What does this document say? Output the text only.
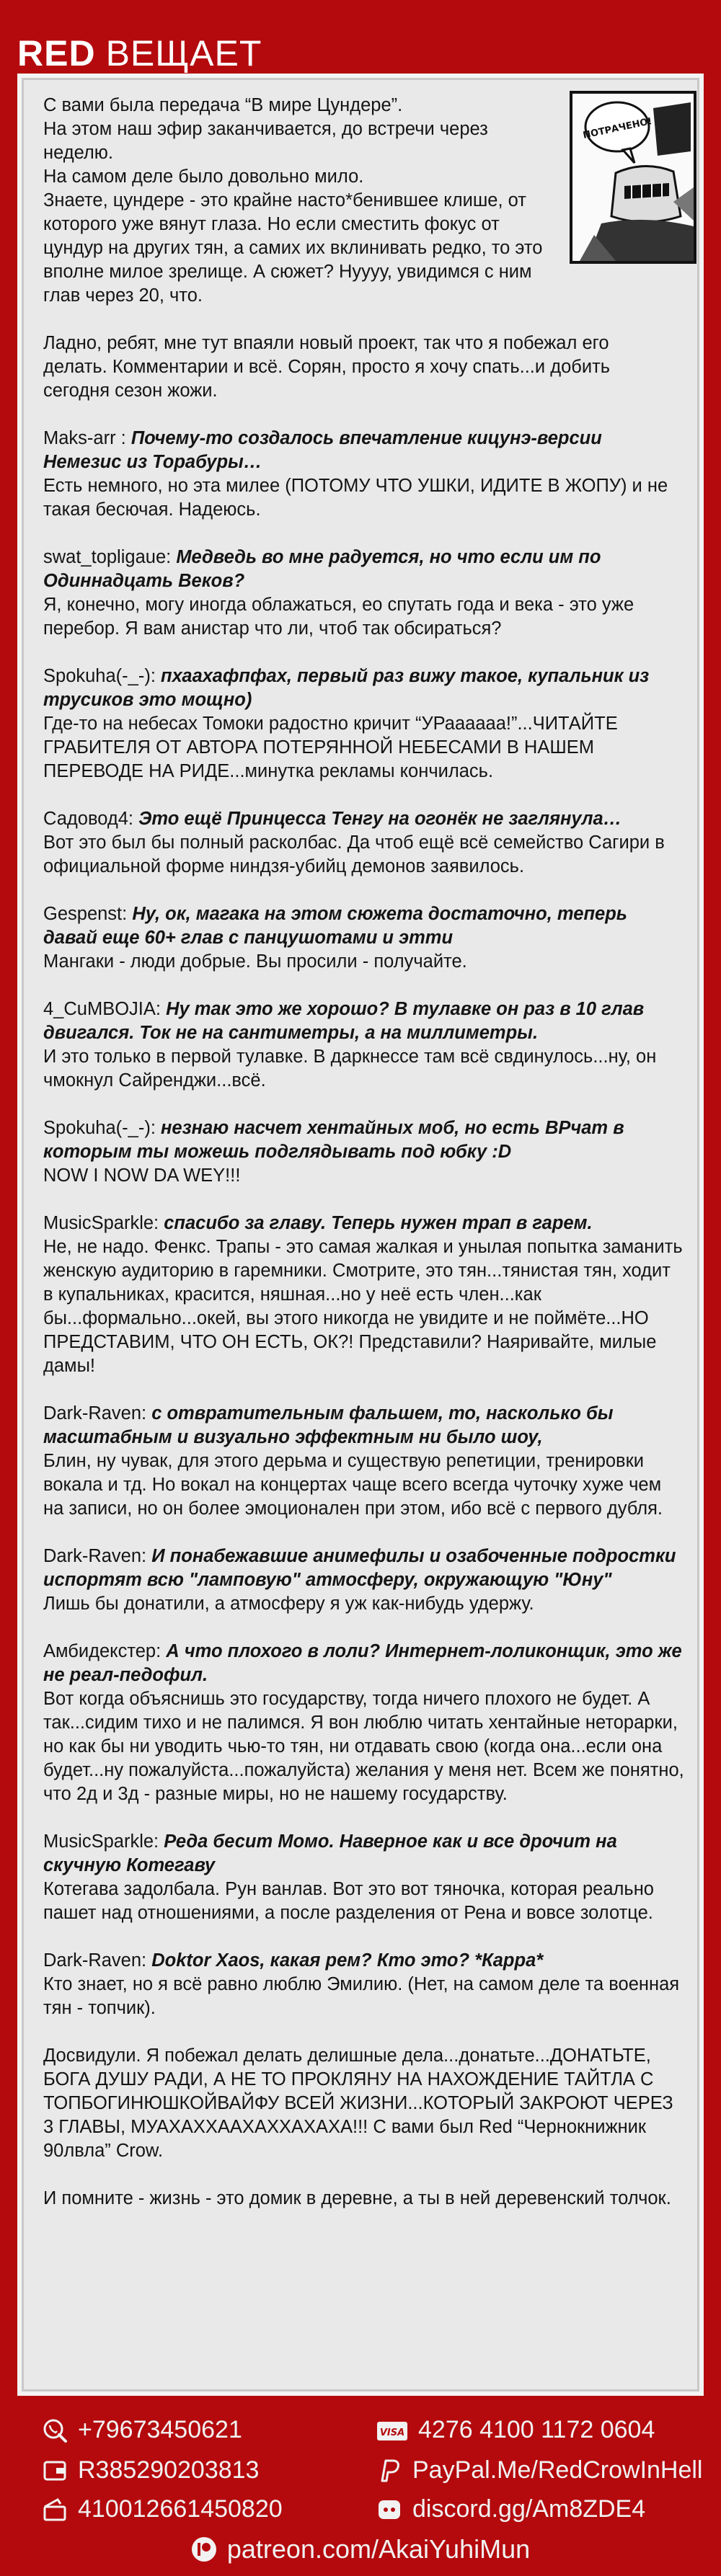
RED ВЕЩАЕТ
ПОТРАЧЕНО!

С вами была передача “В мире Цундере”.

На этом наш эфир заканчивается, до встречи через неделю.

На самом деле было довольно мило.

Знаете, цундере - это крайне насто*бенившее клише, от которого уже вянут глаза. Но если сместить фокус от цундур на других тян, а самих их вклинивать редко, то это вполне милое зрелище. А сюжет? Нуууу, увидимся с ним глав через 20, что.

Ладно, ребят, мне тут впаяли новый проект, так что я побежал его делать. Комментарии и всё. Сорян, просто я хочу спать...и добить сегодня сезон жожи.

Maks-arr : Почему-то создалось впечатление кицунэ-версии Немезис из Торабуры…

Есть немного, но эта милее (ПОТОМУ ЧТО УШКИ, ИДИТЕ В ЖОПУ) и не такая бесючая. Надеюсь.

swat_topligaue: Медведь во мне радуется, но что если им по Одиннадцать Веков?

Я, конечно, могу иногда облажаться, ео спутать года и века - это уже перебор. Я вам анистар что ли, чтоб так обсираться?

Spokuha(-_-): пхаахафпфах, первый раз вижу такое, купальник из трусиков это мощно)

Где-то на небесах Томоки радостно кричит “УРаааааа!”...ЧИТАЙТЕ ГРАБИТЕЛЯ ОТ АВТОРА ПОТЕРЯННОЙ НЕБЕСАМИ В НАШЕМ ПЕРЕВОДЕ НА РИДЕ...минутка рекламы кончилась.

Садовод4: Это ещё Принцесса Тенгу на огонёк не заглянула…

Вот это был бы полный расколбас. Да чтоб ещё всё семейство Сагири в официальной форме ниндзя-убийц демонов заявилось.

Gespenst: Ну, ок, магака на этом сюжета достаточно, теперь давай еще 60+ глав с панцушотами и этти

Мангаки - люди добрые. Вы просили - получайте.

4_CuMBOJIA: Ну так это же хорошо? В тулавке он раз в 10 глав двигался. Ток не на сантиметры, а на миллиметры.

И это только в первой тулавке. В даркнессе там всё свдинулось...ну, он чмокнул Сайренджи...всё.

Spokuha(-_-): незнаю насчет хентайных моб, но есть ВРчат в которым ты можешь подглядывать под юбку :D

NOW I NOW DA WEY!!!

MusicSparkle: спасибо за главу. Теперь нужен трап в гарем.

Не, не надо. Фенкс. Трапы - это самая жалкая и унылая попытка заманить женскую аудиторию в гаремники. Смотрите, это тян...тянистая тян, ходит в купальниках, красится, няшная...но у неё есть член...как бы...формально...окей, вы этого никогда не увидите и не поймёте...НО ПРЕДСТАВИМ, ЧТО ОН ЕСТЬ, ОК?! Представили? Наяривайте, милые дамы!

Dark-Raven: с отвратительным фальшем, то, насколько бы масштабным и визуально эффектным ни было шоу,

Блин, ну чувак, для этого дерьма и существую репетиции, тренировки вокала и тд. Но вокал на концертах чаще всего всегда чуточку хуже чем на записи, но он более эмоционален при этом, ибо всё с первого дубля.

Dark-Raven: И понабежавшие анимефилы и озабоченные подростки испортят всю "ламповую" атмосферу, окружающую "Юну"

Лишь бы донатили, а атмосферу я уж как-нибудь удержу.

Амбидекстер: А что плохого в лоли? Интернет-лоликонщик, это же не реал-педофил.

Вот когда объяснишь это государству, тогда ничего плохого не будет. А так...сидим тихо и не палимся. Я вон люблю читать хентайные неторарки, но как бы ни уводить чью-то тян, ни отдавать свою (когда она...если она будет...ну пожалуйста...пожалуйста) желания у меня нет. Всем же понятно, что 2д и 3д - разные миры, но не нашему государству.

MusicSparkle: Реда бесит Момо. Наверное как и все дрочит на скучную Котегаву

Котегава задолбала. Рун ванлав. Вот это вот тяночка, которая реально пашет над отношениями, а после разделения от Рена и вовсе золотце.

Dark-Raven: Doktor Xaos, какая рем? Кто это? *Карра*

Кто знает, но я всё равно люблю Эмилию. (Нет, на самом деле та военная тян - топчик).

Досвидули. Я побежал делать делишные дела...донатьте...ДОНАТЬТЕ, БОГА ДУШУ РАДИ, А НЕ ТО ПРОКЛЯНУ НА НАХОЖДЕНИЕ ТАЙТЛА С ТОПБОГИНЮШКОЙВАЙФУ ВСЕЙ ЖИЗНИ...КОТОРЫЙ ЗАКРОЮТ ЧЕРЕЗ 3 ГЛАВЫ, МУАХАХХААХАХХАХАХА!!! С вами был Red “Чернокнижник 90лвла” Crow.

И помните - жизнь - это домик в деревне, а ты в ней деревенский толчок.

+79673450621
R385290203813
410012661450820
VISA 4276 4100 1172 0604
PayPal.Me/RedCrowInHell
discord.gg/Am8ZDE4
patreon.com/AkaiYuhiMun
